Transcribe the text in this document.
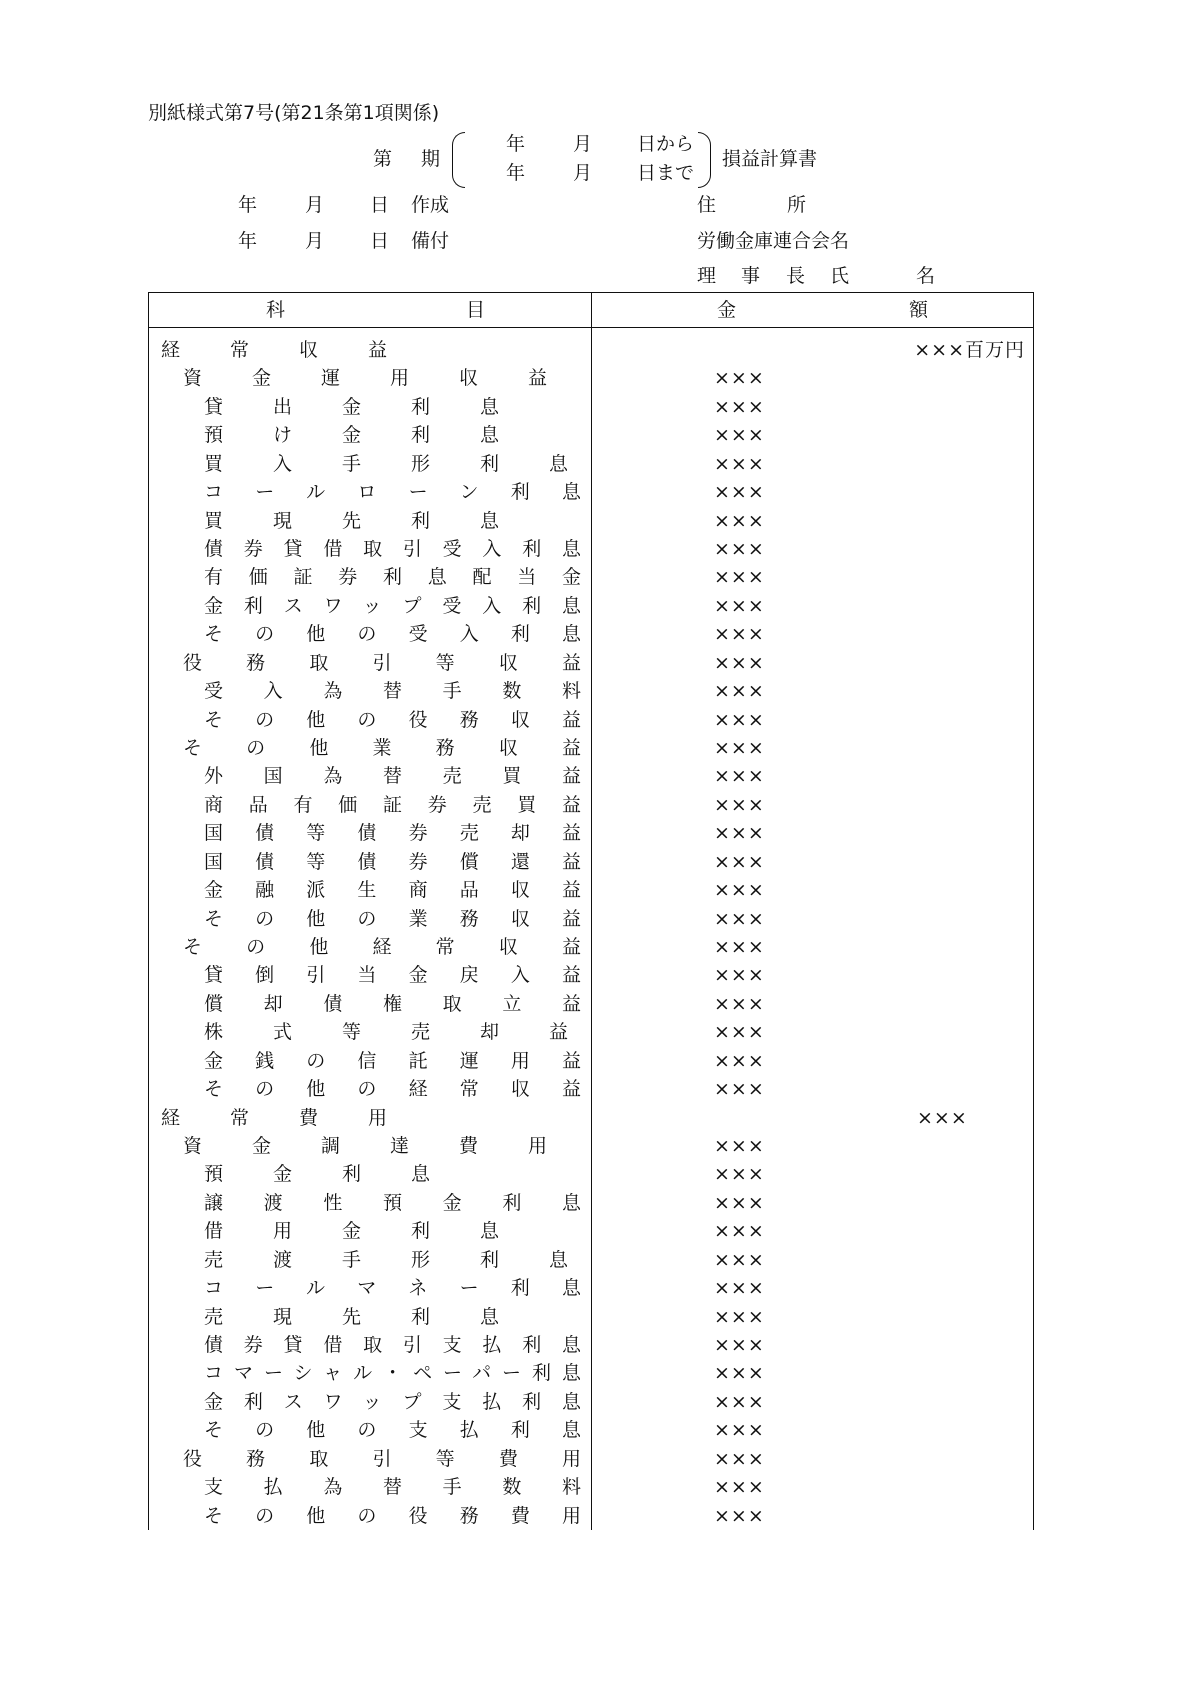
別紙様式第7号(第21条第1項関係)
第 期
年	月 日から
年	月 日まで
損益計算書
年	月 日 作成	住	所
年	月 日 備付	労働金庫連合会名
理 事 長 氏	名
科	目	金	額
経常収益	×××百万円
資金運用収益	×××
貸出金利息	×××
預け金利息	×××
買入手形利息	×××
コールローン利息	×××
買現先利息	×××
債券貸借取引受入利息	×××
有価証券利息配当金	×××
金利スワップ受入利息	×××
その他の受入利息	×××
役務取引等収益	×××
受入為替手数料	×××
その他の役務収益	×××
その他業務収益	×××
外国為替売買益	×××
商品有価証券売買益	×××
国債等債券売却益	×××
国債等債券償還益	×××
金融派生商品収益	×××
その他の業務収益	×××
その他経常収益	×××
貸倒引当金戻入益	×××
償却債権取立益	×××
株式等売却益	×××
金銭の信託運用益	×××
その他の経常収益	×××
経常費用	×××
資金調達費用	×××
預金利息	×××
譲渡性預金利息	×××
借用金利息	×××
売渡手形利息	×××
コールマネー利息	×××
売現先利息	×××
債券貸借取引支払利息	×××
コマーシャル・ペーパー利息	×××
金利スワップ支払利息	×××
その他の支払利息	×××
役務取引等費用	×××
支払為替手数料	×××
その他の役務費用	×××
